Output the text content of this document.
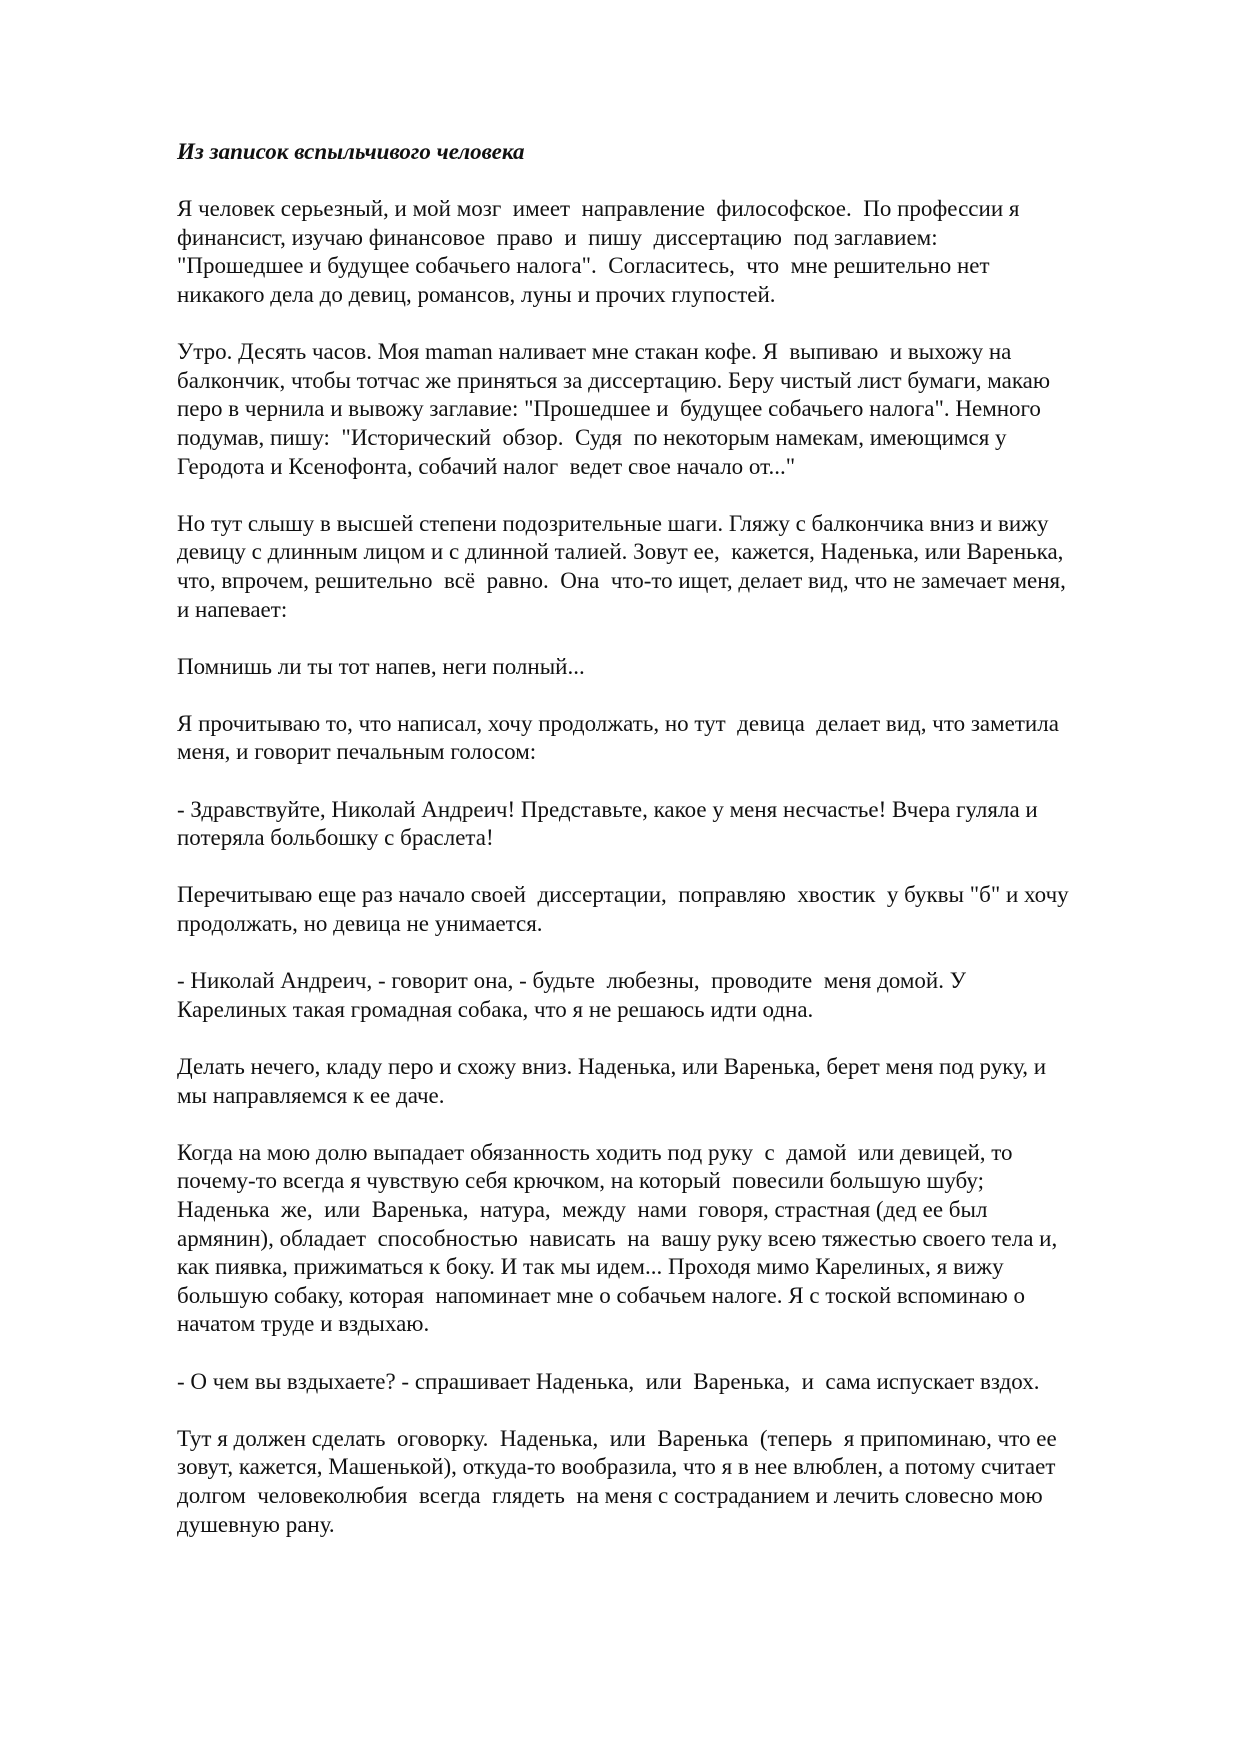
Из записок вспыльчивого человека
Я человек серьезный, и мой мозг  имеет  направление  философское.  По профессии я
финансист, изучаю финансовое  право  и  пишу  диссертацию  под заглавием:
"Прошедшее и будущее собачьего налога".  Согласитесь,  что  мне решительно нет
никакого дела до девиц, романсов, луны и прочих глупостей.
Утро. Десять часов. Моя maman наливает мне стакан кофе. Я  выпиваю  и выхожу на
балкончик, чтобы тотчас же приняться за диссертацию. Беру чистый лист бумаги, макаю
перо в чернила и вывожу заглавие: "Прошедшее и  будущее собачьего налога". Немного
подумав, пишу:  "Исторический  обзор.  Судя  по некоторым намекам, имеющимся у
Геродота и Ксенофонта, собачий налог  ведет свое начало от..."
Но тут слышу в высшей степени подозрительные шаги. Гляжу с балкончика вниз и вижу
девицу с длинным лицом и с длинной талией. Зовут ее,  кажется, Наденька, или Варенька,
что, впрочем, решительно  всё  равно.  Она  что-то ищет, делает вид, что не замечает меня,
и напевает:
Помнишь ли ты тот напев, неги полный...
Я прочитываю то, что написал, хочу продолжать, но тут  девица  делает вид, что заметила
меня, и говорит печальным голосом:
- Здравствуйте, Николай Андреич! Представьте, какое у меня несчастье! Вчера гуляла и
потеряла больбошку с браслета!
Перечитываю еще раз начало своей  диссертации,  поправляю  хвостик  у буквы "б" и хочу
продолжать, но девица не унимается.
- Николай Андреич, - говорит она, - будьте  любезны,  проводите  меня домой. У
Карелиных такая громадная собака, что я не решаюсь идти одна.
Делать нечего, кладу перо и схожу вниз. Наденька, или Варенька, берет меня под руку, и
мы направляемся к ее даче.
Когда на мою долю выпадает обязанность ходить под руку  с  дамой  или девицей, то
почему-то всегда я чувствую себя крючком, на который  повесили большую шубу;
Наденька  же,  или  Варенька,  натура,  между  нами  говоря, страстная (дед ее был
армянин), обладает  способностью  нависать  на  вашу руку всею тяжестью своего тела и,
как пиявка, прижиматься к боку. И так мы идем... Проходя мимо Карелиных, я вижу
большую собаку, которая  напоминает мне о собачьем налоге. Я с тоской вспоминаю о
начатом труде и вздыхаю.
- О чем вы вздыхаете? - спрашивает Наденька,  или  Варенька,  и  сама испускает вздох.
Тут я должен сделать  оговорку.  Наденька,  или  Варенька  (теперь  я припоминаю, что ее
зовут, кажется, Машенькой), откуда-то вообразила, что я в нее влюблен, а потому считает
долгом  человеколюбия  всегда  глядеть  на меня с состраданием и лечить словесно мою
душевную рану.
